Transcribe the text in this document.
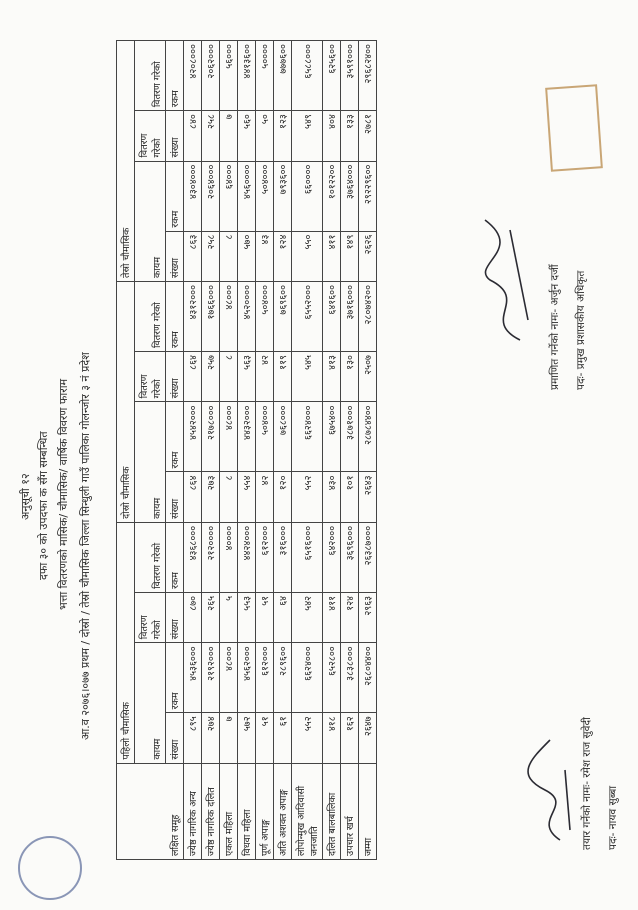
अनुसूची १२ दफा ३० को उपदफा क सँग सम्बन्धित भत्ता वितरणको मासिक/ चौमासिक/ वार्षिक विवरण फाराम आ.व २०७६।०७७ प्रथम / दोस्रो / तेस्रो चौमासिक जिल्ला सिन्धुली गाउँ पालिका गोलन्जोर ३ नं प्रदेश
लक्षित समूह	पहिलो चौमासिक				दोस्रो चौमासिक				तेस्रो चौमासिक			
	कायम		वितरण गरेको	वितरण गरेको	कायम		वितरण गरेको	वितरण गरेको	कायम		वितरण गरेको	वितरण गरेको
	संख्या	रकम	संख्या	रकम	संख्या	रकम	संख्या	रकम	संख्या	रकम	संख्या	रकम
ज्येष्ठ नागरिक अन्य	८९५	४५३६०००	८७०	४३६८०००	८६४	४५४२०००	८६४	४३१२०००	८६३	४३०४०००	८४०	४२०८०००
ज्येष्ठ नागरिक दलित	२७४	२१९२०००	२६५	२१२००००	२७३	२१७८०००	२५७	१७६६०००	२५८	२०६४०००	२५८	२०६२०००
एकल महिला	७	४८०००	५	४००००	८	४८०००	८	४८०००	८	६४०००	७	५६०००
विधवा महिला	५७२	४५६२०००	५५३	४४२४०००	५५४	४४३२०००	५६३	४५२००००	५७०	४५६००००	५६०	४४१३६००
पूर्ण अपाङ्ग	५१	६१२०००	५१	६१२०००	४२	५०४०००	४२	५०४०००	४३	५०४०००	५०	५००००
अति अशक्त अपाङ्ग	६१	२८९६००	६४	३१६०००	१२०	७६८०००	११९	७६९६००	१२४	७९३६००	१२३	७७७६००
लोपोन्मुख आदिवासी जनजाति	५५२	६६२४०००	५४२	६५१६०००	५५२	६६२४०००	५४५	६५५२०००	५५०	६६००००	५४९	६५८८०००
दलित बालबालिका	४१८	६५२८००	४११	६४२०००	४३०	६७५४००	४१३	६४१६००	४११	१०१२२००	४०४	६२५६००
उपचार खर्च	१६२	३८३८०००	१२४	३६९६०००	१०१	३८७१०००	१३०	३७१६०००	१४९	३७६४०००	१३३	३५९१०००
जम्मा	२६४७	२६८०४४००	२९६३	२६३८७०००	२६४३	२८७८४४००	२५०७	२८०७४२००	२६२६	२९२२९६००	२७८१	२९६८२४००
तयार गर्नेको नामः- रमेश राज सुवेदी पदः- नायव सुब्बा
प्रमाणित गर्नेको नामः- अर्जुन दर्जी पदः- प्रमुख प्रशासकीय अधिकृत
